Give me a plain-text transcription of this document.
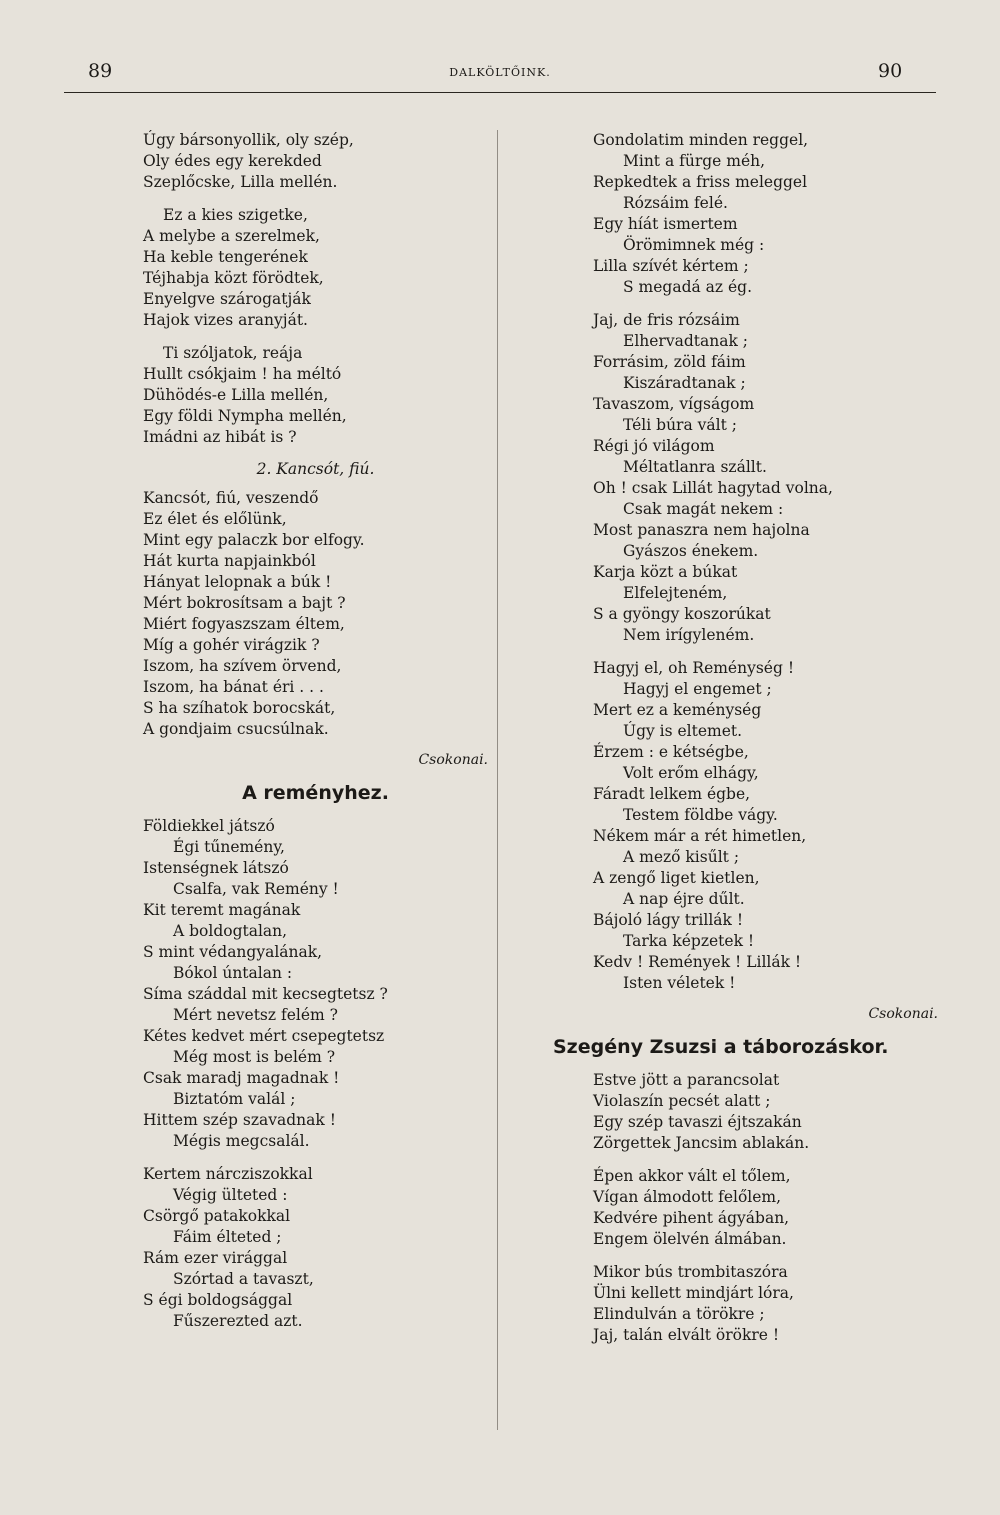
89	DALKÖLTŐINK.	90
Úgy bársonyollik, oly szép,
Oly édes egy kerekded
Szeplőcske, Lilla mellén.
Ez a kies szigetke,
A melybe a szerelmek,
Ha keble tengerének
Téjhabja közt förödtek,
Enyelgve szárogatják
Hajok vizes aranyját.
Ti szóljatok, reája
Hullt csókjaim ! ha méltó
Dühödés-e Lilla mellén,
Egy földi Nympha mellén,
Imádni az hibát is ?
2. Kancsót, fiú.
Kancsót, fiú, veszendő
Ez élet és előlünk,
Mint egy palaczk bor elfogy.
Hát kurta napjainkból
Hányat lelopnak a búk !
Mért bokrosítsam a bajt ?
Miért fogyaszszam éltem,
Míg a gohér virágzik ?
Iszom, ha szívem örvend,
Iszom, ha bánat éri . . .
S ha szíhatok borocskát,
A gondjaim csucsúlnak.
Csokonai.
A reményhez.
Földiekkel játszó
Égi tűnemény,
Istenségnek látszó
Csalfa, vak Remény !
Kit teremt magának
A boldogtalan,
S mint védangyalának,
Bókol úntalan :
Síma száddal mit kecsegtetsz ?
Mért nevetsz felém ?
Kétes kedvet mért csepegtetsz
Még most is belém ?
Csak maradj magadnak !
Biztatóm valál ;
Hittem szép szavadnak !
Mégis megcsalál.
Kertem nárcziszokkal
Végig ülteted :
Csörgő patakokkal
Fáim élteted ;
Rám ezer virággal
Szórtad a tavaszt,
S égi boldogsággal
Fűszerezted azt.
Gondolatim minden reggel,
Mint a fürge méh,
Repkedtek a friss meleggel
Rózsáim felé.
Egy híát ismertem
Örömimnek még :
Lilla szívét kértem ;
S megadá az ég.
Jaj, de fris rózsáim
Elhervadtanak ;
Forrásim, zöld fáim
Kiszáradtanak ;
Tavaszom, vígságom
Téli búra vált ;
Régi jó világom
Méltatlanra szállt.
Oh ! csak Lillát hagytad volna,
Csak magát nekem :
Most panaszra nem hajolna
Gyászos énekem.
Karja közt a búkat
Elfelejteném,
S a gyöngy koszorúkat
Nem irígyleném.
Hagyj el, oh Reménység !
Hagyj el engemet ;
Mert ez a keménység
Úgy is eltemet.
Érzem : e kétségbe,
Volt erőm elhágy,
Fáradt lelkem égbe,
Testem földbe vágy.
Nékem már a rét himetlen,
A mező kisűlt ;
A zengő liget kietlen,
A nap éjre dűlt.
Bájoló lágy trillák !
Tarka képzetek !
Kedv ! Remények ! Lillák !
Isten véletek !
Csokonai.
Szegény Zsuzsi a táborozáskor.
Estve jött a parancsolat
Violaszín pecsét alatt ;
Egy szép tavaszi éjtszakán
Zörgettek Jancsim ablakán.
Épen akkor vált el tőlem,
Vígan álmodott felőlem,
Kedvére pihent ágyában,
Engem ölelvén álmában.
Mikor bús trombitaszóra
Ülni kellett mindjárt lóra,
Elindulván a törökre ;
Jaj, talán elvált örökre !
